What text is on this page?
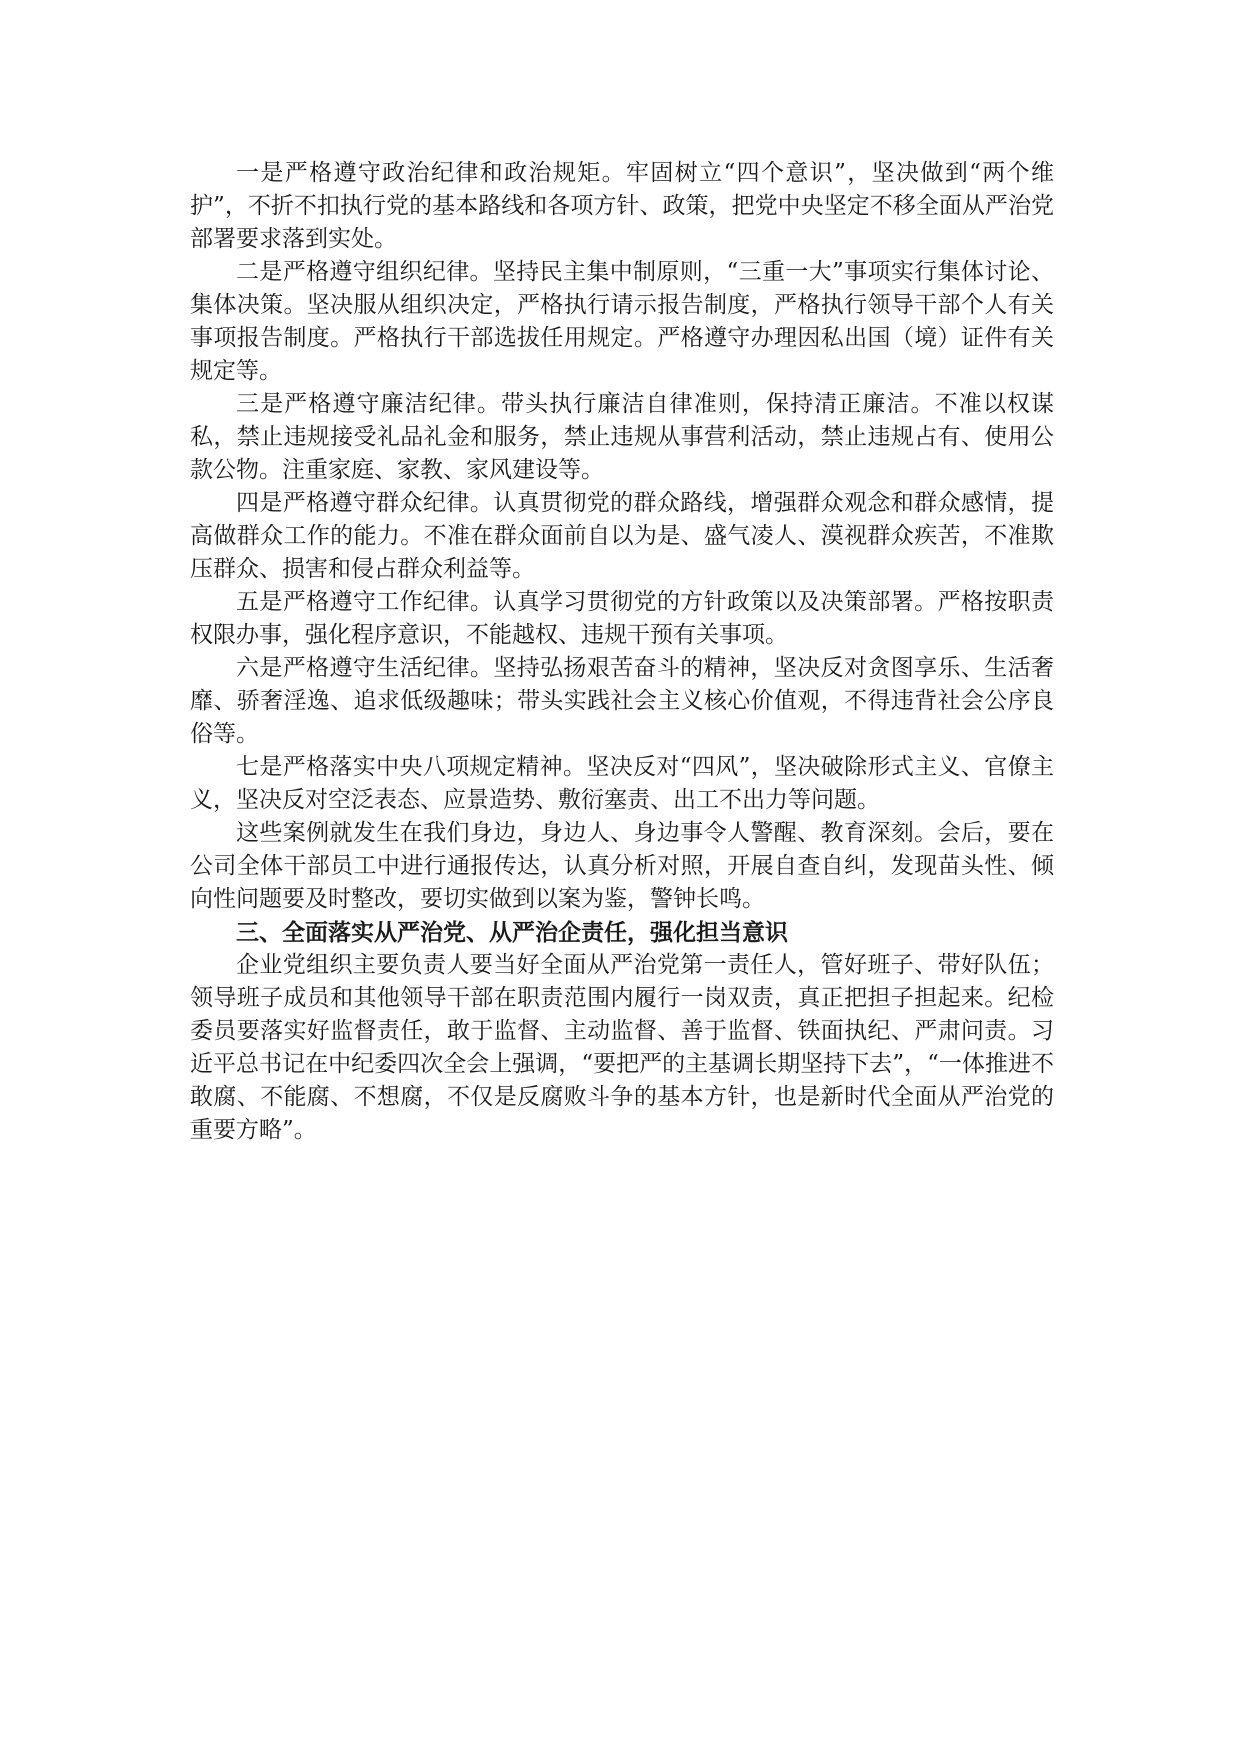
一是严格遵守政治纪律和政治规矩。牢固树立“四个意识”，坚决做到“两个维护”，不折不扣执行党的基本路线和各项方针、政策，把党中央坚定不移全面从严治党部署要求落到实处。

二是严格遵守组织纪律。坚持民主集中制原则，“三重一大”事项实行集体讨论、集体决策。坚决服从组织决定，严格执行请示报告制度，严格执行领导干部个人有关事项报告制度。严格执行干部选拔任用规定。严格遵守办理因私出国（境）证件有关规定等。

三是严格遵守廉洁纪律。带头执行廉洁自律准则，保持清正廉洁。不准以权谋私，禁止违规接受礼品礼金和服务，禁止违规从事营利活动，禁止违规占有、使用公款公物。注重家庭、家教、家风建设等。

四是严格遵守群众纪律。认真贯彻党的群众路线，增强群众观念和群众感情，提高做群众工作的能力。不准在群众面前自以为是、盛气凌人、漠视群众疾苦，不准欺压群众、损害和侵占群众利益等。

五是严格遵守工作纪律。认真学习贯彻党的方针政策以及决策部署。严格按职责权限办事，强化程序意识，不能越权、违规干预有关事项。

六是严格遵守生活纪律。坚持弘扬艰苦奋斗的精神，坚决反对贪图享乐、生活奢靡、骄奢淫逸、追求低级趣味；带头实践社会主义核心价值观，不得违背社会公序良俗等。

七是严格落实中央八项规定精神。坚决反对“四风”，坚决破除形式主义、官僚主义，坚决反对空泛表态、应景造势、敷衍塞责、出工不出力等问题。

这些案例就发生在我们身边，身边人、身边事令人警醒、教育深刻。会后，要在公司全体干部员工中进行通报传达，认真分析对照，开展自查自纠，发现苗头性、倾向性问题要及时整改，要切实做到以案为鉴，警钟长鸣。

三、全面落实从严治党、从严治企责任，强化担当意识

企业党组织主要负责人要当好全面从严治党第一责任人，管好班子、带好队伍；领导班子成员和其他领导干部在职责范围内履行一岗双责，真正把担子担起来。纪检委员要落实好监督责任，敢于监督、主动监督、善于监督、铁面执纪、严肃问责。习近平总书记在中纪委四次全会上强调，“要把严的主基调长期坚持下去”，“一体推进不敢腐、不能腐、不想腐，不仅是反腐败斗争的基本方针，也是新时代全面从严治党的重要方略”。
